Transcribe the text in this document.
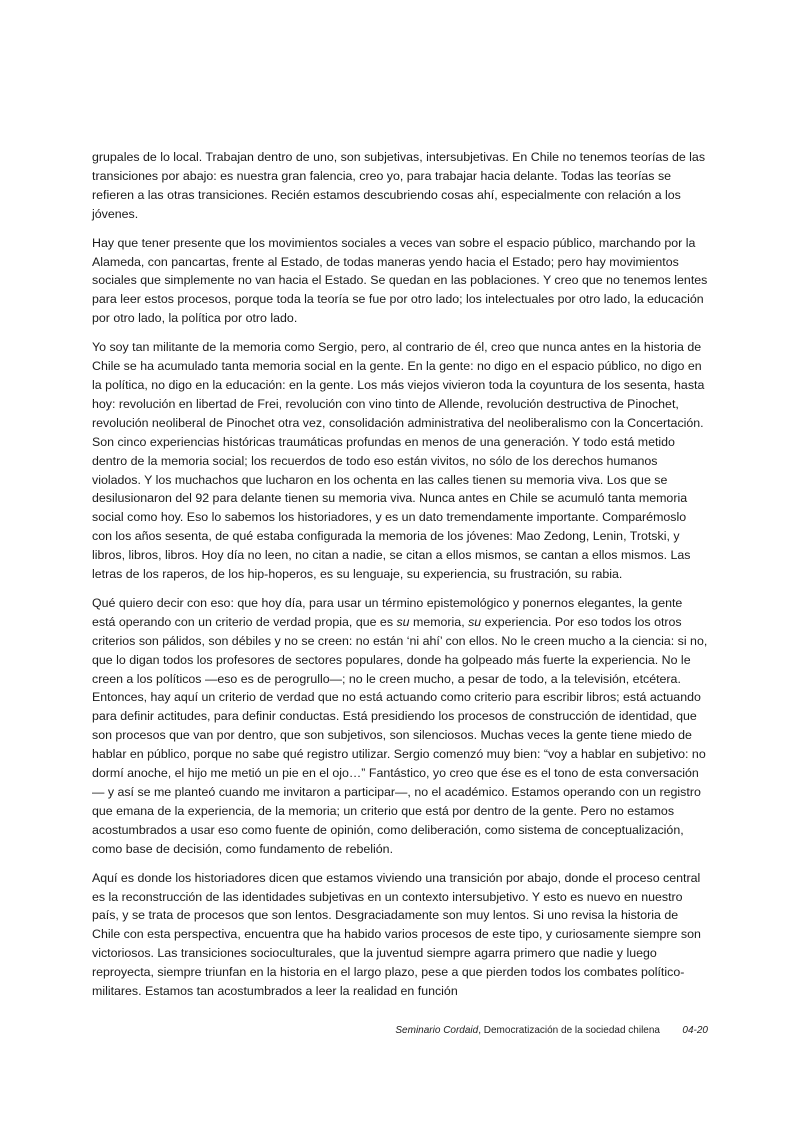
grupales de lo local. Trabajan dentro de uno, son subjetivas, intersubjetivas. En Chile no tenemos teorías de las transiciones por abajo: es nuestra gran falencia, creo yo, para trabajar hacia delante. Todas las teorías se refieren a las otras transiciones. Recién estamos descubriendo cosas ahí, especialmente con relación a los jóvenes.

Hay que tener presente que los movimientos sociales a veces van sobre el espacio público, marchando por la Alameda, con pancartas, frente al Estado, de todas maneras yendo hacia el Estado; pero hay movimientos sociales que simplemente no van hacia el Estado. Se quedan en las poblaciones. Y creo que no tenemos lentes para leer estos procesos, porque toda la teoría se fue por otro lado; los intelectuales por otro lado, la educación por otro lado, la política por otro lado.

Yo soy tan militante de la memoria como Sergio, pero, al contrario de él, creo que nunca antes en la historia de Chile se ha acumulado tanta memoria social en la gente. En la gente: no digo en el espacio público, no digo en la política, no digo en la educación: en la gente. Los más viejos vivieron toda la coyuntura de los sesenta, hasta hoy: revolución en libertad de Frei, revolución con vino tinto de Allende, revolución destructiva de Pinochet, revolución neoliberal de Pinochet otra vez, consolidación administrativa del neoliberalismo con la Concertación. Son cinco experiencias históricas traumáticas profundas en menos de una generación. Y todo está metido dentro de la memoria social; los recuerdos de todo eso están vivitos, no sólo de los derechos humanos violados. Y los muchachos que lucharon en los ochenta en las calles tienen su memoria viva. Los que se desilusionaron del 92 para delante tienen su memoria viva. Nunca antes en Chile se acumuló tanta memoria social como hoy. Eso lo sabemos los historiadores, y es un dato tremendamente importante. Comparémoslo con los años sesenta, de qué estaba configurada la memoria de los jóvenes: Mao Zedong, Lenin, Trotski, y libros, libros, libros. Hoy día no leen, no citan a nadie, se citan a ellos mismos, se cantan a ellos mismos. Las letras de los raperos, de los hip-hoperos, es su lenguaje, su experiencia, su frustración, su rabia.

Qué quiero decir con eso: que hoy día, para usar un término epistemológico y ponernos elegantes, la gente está operando con un criterio de verdad propia, que es su memoria, su experiencia. Por eso todos los otros criterios son pálidos, son débiles y no se creen: no están ‘ni ahí’ con ellos. No le creen mucho a la ciencia: si no, que lo digan todos los profesores de sectores populares, donde ha golpeado más fuerte la experiencia. No le creen a los políticos —eso es de perogrullo—; no le creen mucho, a pesar de todo, a la televisión, etcétera. Entonces, hay aquí un criterio de verdad que no está actuando como criterio para escribir libros; está actuando para definir actitudes, para definir conductas. Está presidiendo los procesos de construcción de identidad, que son procesos que van por dentro, que son subjetivos, son silenciosos. Muchas veces la gente tiene miedo de hablar en público, porque no sabe qué registro utilizar. Sergio comenzó muy bien: “voy a hablar en subjetivo: no dormí anoche, el hijo me metió un pie en el ojo…” Fantástico, yo creo que ése es el tono de esta conversación— y así se me planteó cuando me invitaron a participar—, no el académico. Estamos operando con un registro que emana de la experiencia, de la memoria; un criterio que está por dentro de la gente. Pero no estamos acostumbrados a usar eso como fuente de opinión, como deliberación, como sistema de conceptualización, como base de decisión, como fundamento de rebelión.

Aquí es donde los historiadores dicen que estamos viviendo una transición por abajo, donde el proceso central es la reconstrucción de las identidades subjetivas en un contexto intersubjetivo. Y esto es nuevo en nuestro país, y se trata de procesos que son lentos. Desgraciadamente son muy lentos. Si uno revisa la historia de Chile con esta perspectiva, encuentra que ha habido varios procesos de este tipo, y curiosamente siempre son victoriosos. Las transiciones socioculturales, que la juventud siempre agarra primero que nadie y luego reproyecta, siempre triunfan en la historia en el largo plazo, pese a que pierden todos los combates político-militares. Estamos tan acostumbrados a leer la realidad en función

Seminario Cordaid, Democratización de la sociedad chilena 04-20
